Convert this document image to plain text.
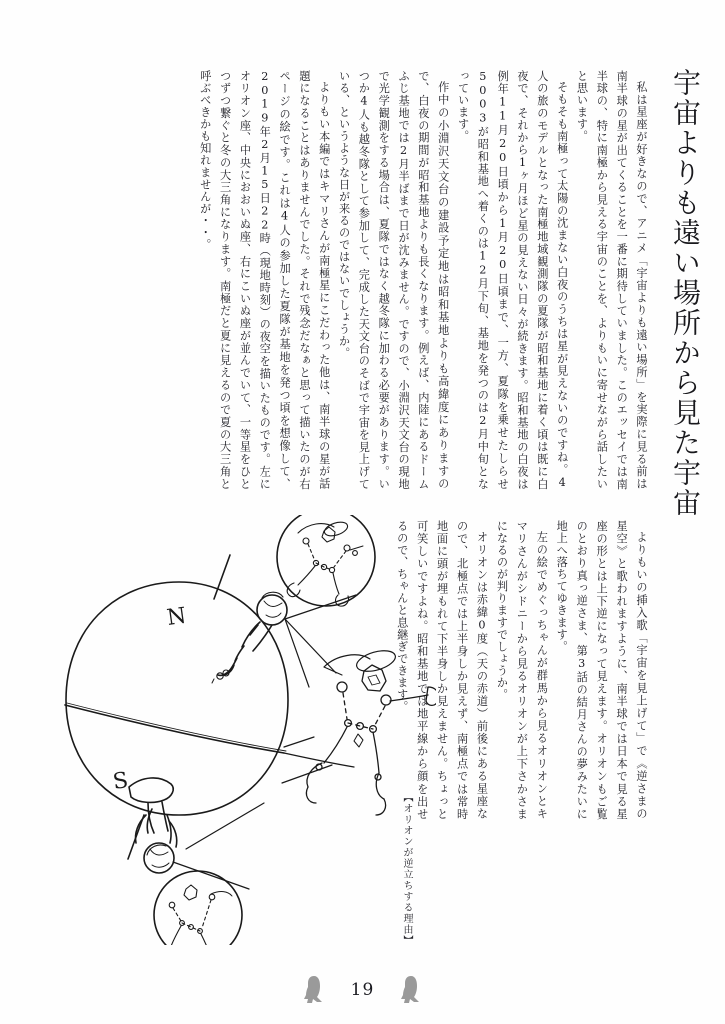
宇宙よりも遠い場所から見た宇宙

私は星座が好きなので、アニメ「宇宙よりも遠い場所」を実際に見る前は南半球の星が出てくることを一番に期待していました。このエッセイでは南半球の、特に南極から見える宇宙のことを、よりもいに寄せながら話したいと思います。

そもそも南極って太陽の沈まない白夜のうちは星が見えないのですね。4人の旅のモデルとなった南極地域観測隊の夏隊が昭和基地に着く頃は既に白夜で、それから1ヶ月ほど星の見えない日々が続きます。昭和基地の白夜は例年11月20日頃から1月20日頃まで、一方、夏隊を乗せたしらせ5003が昭和基地へ着くのは12月下旬、基地を発つのは2月中旬となっています。

作中の小淵沢天文台の建設予定地は昭和基地よりも高緯度にありますので、白夜の期間が昭和基地よりも長くなります。例えば、内陸にあるドームふじ基地では2月半ばまで日が沈みません。ですので、小淵沢天文台の現地で光学観測をする場合は、夏隊ではなく越冬隊に加わる必要があります。いつか4人も越冬隊として参加して、完成した天文台のそばで宇宙を見上げている、というような日が来るのではないでしょうか。

よりもい本編ではキマリさんが南極星にこだわった他は、南半球の星が話題になることはありませんでした。それで残念だなぁと思って描いたのが右ページの絵です。これは4人の参加した夏隊が基地を発つ頃を想像して、2019年2月15日22時（現地時刻）の夜空を描いたものです。左にオリオン座、中央におおいぬ座、右にこいぬ座が並んでいて、一等星をひとつずつ繋ぐと冬の大三角になります。南極だと夏に見えるので夏の大三角と呼ぶべきかも知れませんが・・。

よりもいの挿入歌「宇宙を見上げて」で《逆さまの星空》と歌われますように、南半球では日本で見る星座の形とは上下逆になって見えます。オリオンもご覧のとおり真っ逆さま、第3話の結月さんの夢みたいに地上へ落ちてゆきます。

左の絵でめぐっちゃんが群馬から見るオリオンとキマリさんがシドニーから見るオリオンが上下さかさまになるのが判りますでしょうか。

オリオンは赤緯0度（天の赤道）前後にある星座なので、北極点では上半身しか見えず、南極点では常時地面に頭が埋もれて下半身しか見えません。ちょっと可笑しいですよね。昭和基地では地平線から顔を出せるので、ちゃんと息継ぎできます。

【オリオンが逆立ちする理由】
N
S
19
